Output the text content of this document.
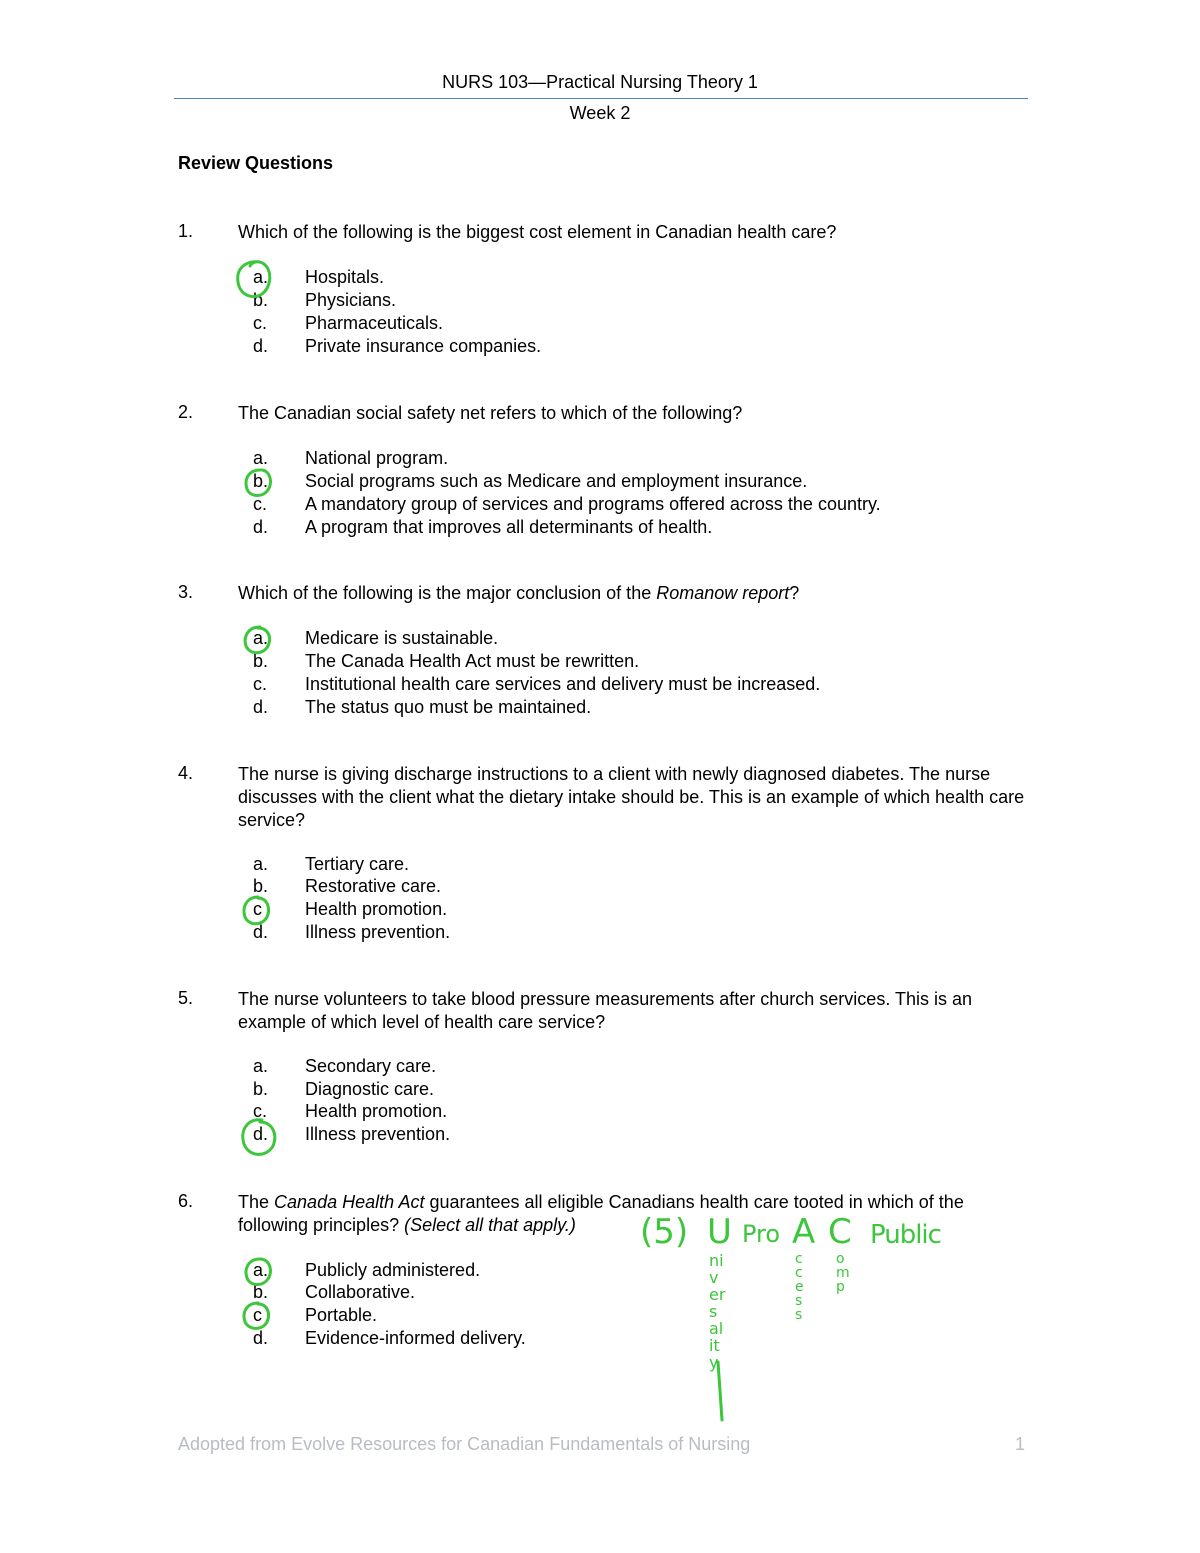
NURS 103—Practical Nursing Theory 1
Week 2
Review Questions
1. Which of the following is the biggest cost element in Canadian health care?
a. Hospitals.
b. Physicians.
c. Pharmaceuticals.
d. Private insurance companies.
2. The Canadian social safety net refers to which of the following?
a. National program.
b. Social programs such as Medicare and employment insurance.
c. A mandatory group of services and programs offered across the country.
d. A program that improves all determinants of health.
3. Which of the following is the major conclusion of the Romanow report?
a. Medicare is sustainable.
b. The Canada Health Act must be rewritten.
c. Institutional health care services and delivery must be increased.
d. The status quo must be maintained.
4. The nurse is giving discharge instructions to a client with newly diagnosed diabetes. The nurse discusses with the client what the dietary intake should be. This is an example of which health care service?
a. Tertiary care.
b. Restorative care.
c Health promotion.
d. Illness prevention.
5. The nurse volunteers to take blood pressure measurements after church services. This is an example of which level of health care service?
a. Secondary care.
b. Diagnostic care.
c. Health promotion.
d. Illness prevention.
6. The Canada Health Act guarantees all eligible Canadians health care tooted in which of the following principles? (Select all that apply.)
a. Publicly administered.
b. Collaborative.
c Portable.
d. Evidence-informed delivery.
Adopted from Evolve Resources for Canadian Fundamentals of Nursing	1
(5) U Pro A C Public
niversality
ccess
omp
